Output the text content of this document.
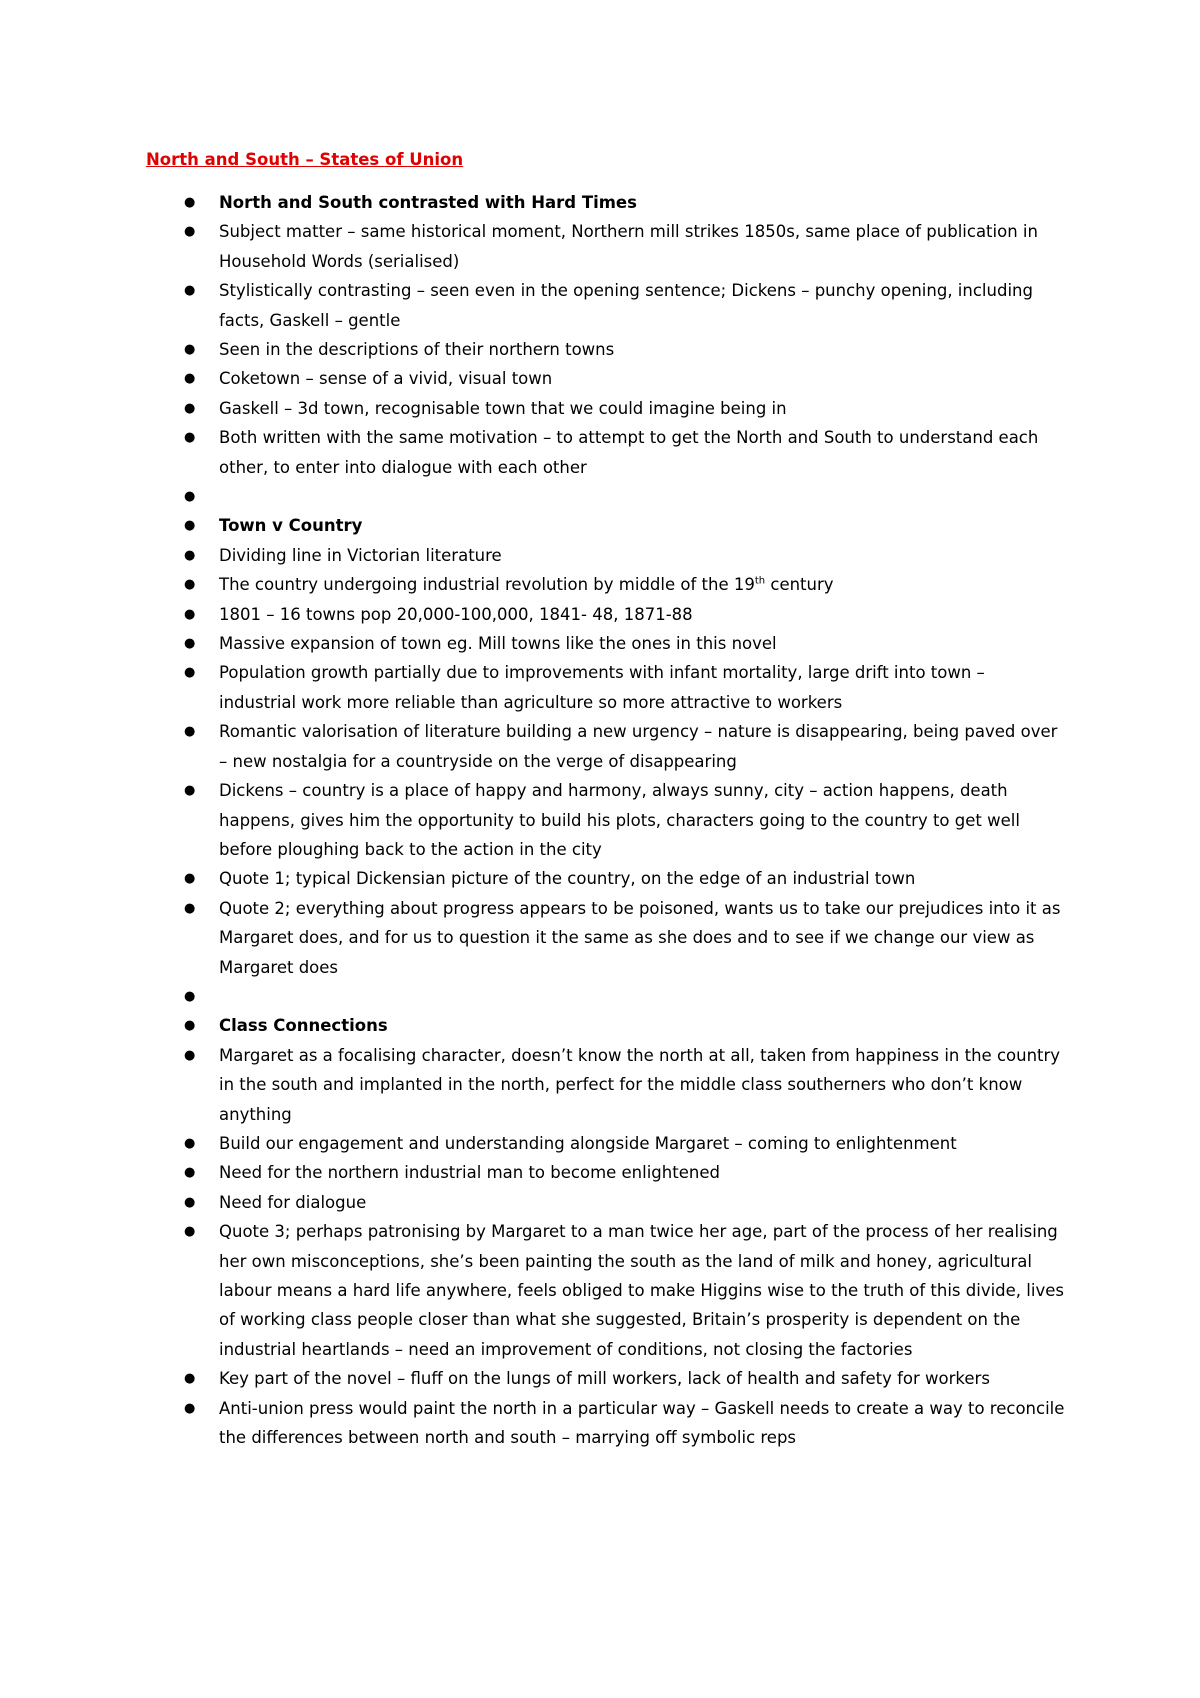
North and South – States of Union
●	North and South contrasted with Hard Times
●	Subject matter – same historical moment, Northern mill strikes 1850s, same place of publication in Household Words (serialised)
●	Stylistically contrasting – seen even in the opening sentence; Dickens – punchy opening, including facts, Gaskell – gentle
●	Seen in the descriptions of their northern towns
●	Coketown – sense of a vivid, visual town
●	Gaskell – 3d town, recognisable town that we could imagine being in
●	Both written with the same motivation – to attempt to get the North and South to understand each other, to enter into dialogue with each other
●
●	Town v Country
●	Dividing line in Victorian literature
●	The country undergoing industrial revolution by middle of the 19th century
●	1801 – 16 towns pop 20,000-100,000, 1841- 48, 1871-88
●	Massive expansion of town eg. Mill towns like the ones in this novel
●	Population growth partially due to improvements with infant mortality, large drift into town – industrial work more reliable than agriculture so more attractive to workers
●	Romantic valorisation of literature building a new urgency – nature is disappearing, being paved over – new nostalgia for a countryside on the verge of disappearing
●	Dickens – country is a place of happy and harmony, always sunny, city – action happens, death happens, gives him the opportunity to build his plots, characters going to the country to get well before ploughing back to the action in the city
●	Quote 1; typical Dickensian picture of the country, on the edge of an industrial town
●	Quote 2; everything about progress appears to be poisoned, wants us to take our prejudices into it as Margaret does, and for us to question it the same as she does and to see if we change our view as Margaret does
●
●	Class Connections
●	Margaret as a focalising character, doesn’t know the north at all, taken from happiness in the country in the south and implanted in the north, perfect for the middle class southerners who don’t know anything
●	Build our engagement and understanding alongside Margaret – coming to enlightenment
●	Need for the northern industrial man to become enlightened
●	Need for dialogue
●	Quote 3; perhaps patronising by Margaret to a man twice her age, part of the process of her realising her own misconceptions, she’s been painting the south as the land of milk and honey, agricultural labour means a hard life anywhere, feels obliged to make Higgins wise to the truth of this divide, lives of working class people closer than what she suggested, Britain’s prosperity is dependent on the industrial heartlands – need an improvement of conditions, not closing the factories
●	Key part of the novel – fluff on the lungs of mill workers, lack of health and safety for workers
●	Anti-union press would paint the north in a particular way – Gaskell needs to create a way to reconcile the differences between north and south – marrying off symbolic reps
